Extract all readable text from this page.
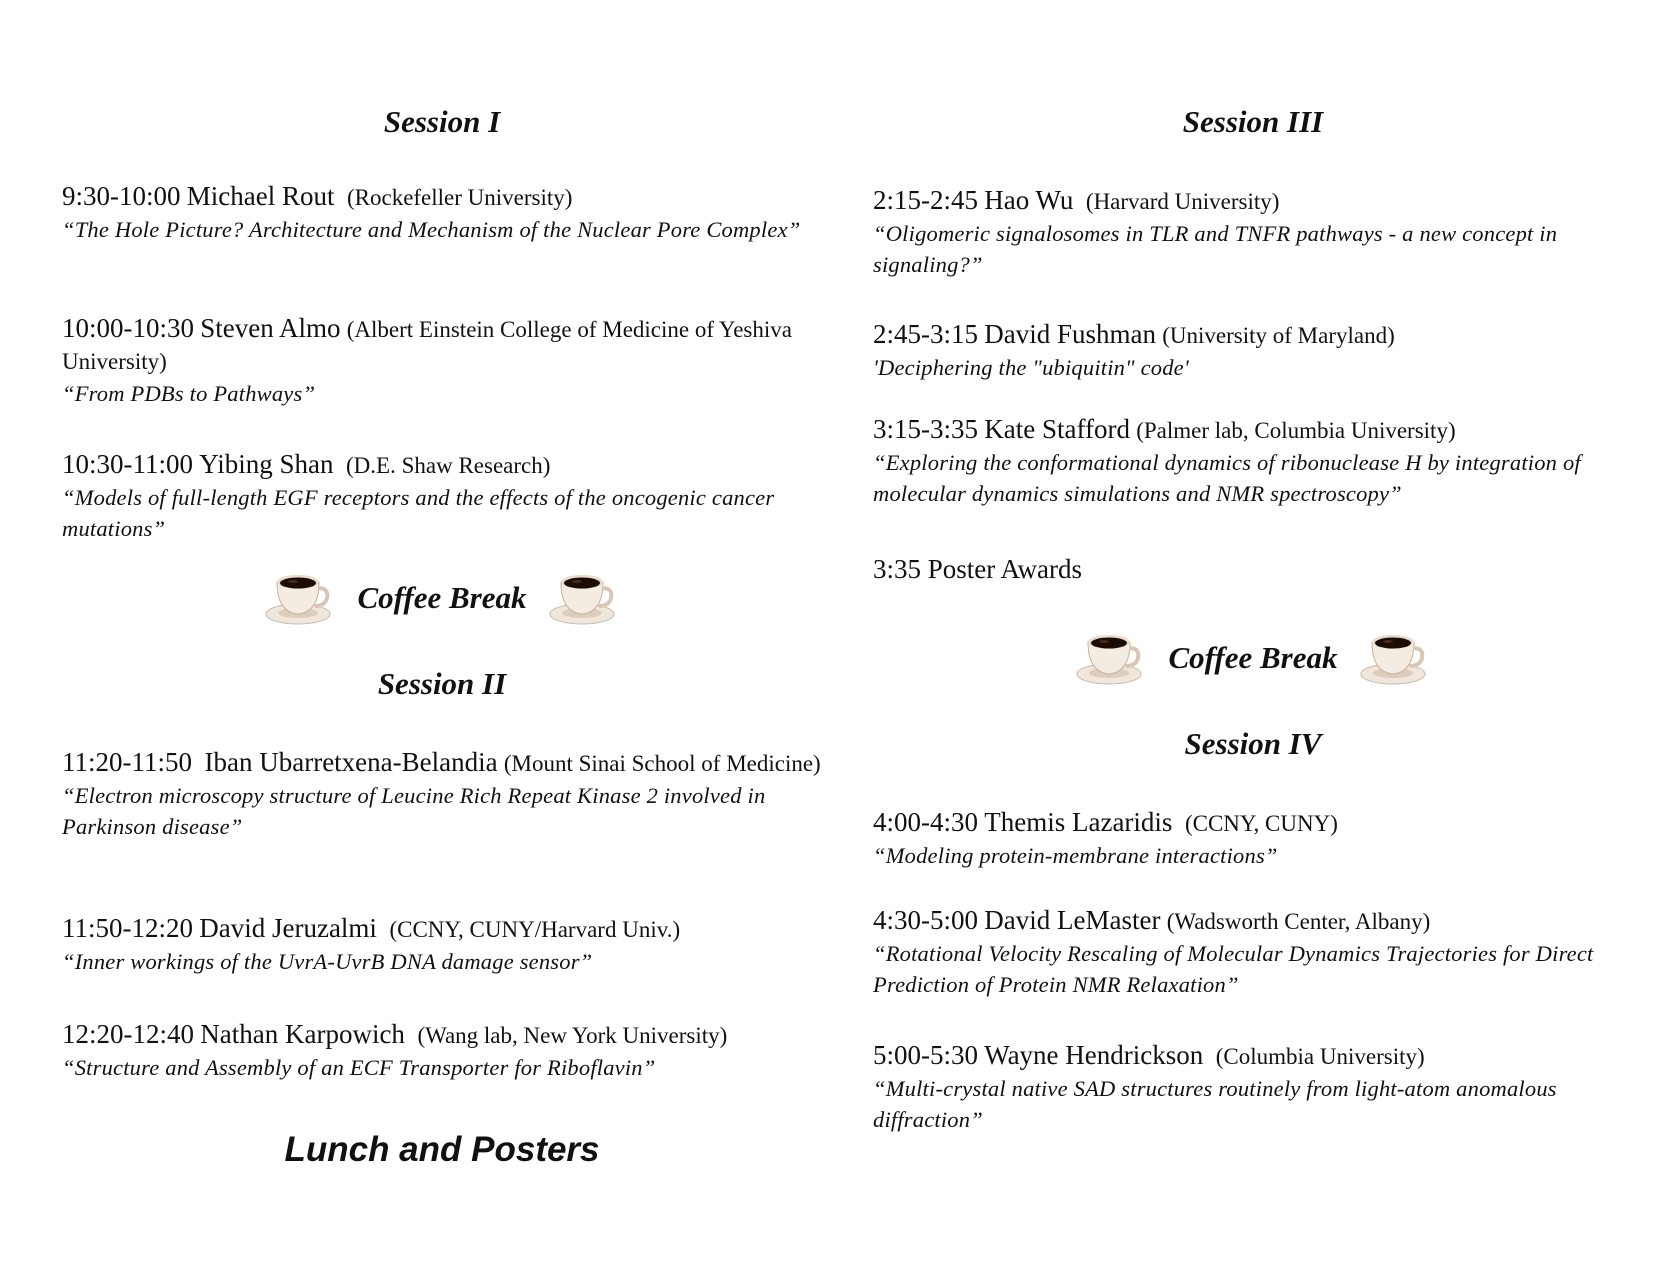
Session I
9:30-10:00 Michael Rout (Rockefeller University)
“The Hole Picture? Architecture and Mechanism of the Nuclear Pore Complex”
10:00-10:30 Steven Almo (Albert Einstein College of Medicine of Yeshiva University)
“From PDBs to Pathways”
10:30-11:00 Yibing Shan (D.E. Shaw Research)
“Models of full-length EGF receptors and the effects of the oncogenic cancer mutations”
Coffee Break
Session II
11:20-11:50 Iban Ubarretxena-Belandia (Mount Sinai School of Medicine)
“Electron microscopy structure of Leucine Rich Repeat Kinase 2 involved in Parkinson disease”
11:50-12:20 David Jeruzalmi (CCNY, CUNY/Harvard Univ.)
“Inner workings of the UvrA-UvrB DNA damage sensor”
12:20-12:40 Nathan Karpowich (Wang lab, New York University)
“Structure and Assembly of an ECF Transporter for Riboflavin”
Lunch and Posters
Session III
2:15-2:45 Hao Wu (Harvard University)
“Oligomeric signalosomes in TLR and TNFR pathways - a new concept in signaling?”
2:45-3:15 David Fushman (University of Maryland)
'Deciphering the "ubiquitin" code'
3:15-3:35 Kate Stafford (Palmer lab, Columbia University)
“Exploring the conformational dynamics of ribonuclease H by integration of molecular dynamics simulations and NMR spectroscopy”
3:35 Poster Awards
Coffee Break
Session IV
4:00-4:30 Themis Lazaridis (CCNY, CUNY)
“Modeling protein-membrane interactions”
4:30-5:00 David LeMaster (Wadsworth Center, Albany)
“Rotational Velocity Rescaling of Molecular Dynamics Trajectories for Direct Prediction of Protein NMR Relaxation”
5:00-5:30 Wayne Hendrickson (Columbia University)
“Multi-crystal native SAD structures routinely from light-atom anomalous diffraction”
